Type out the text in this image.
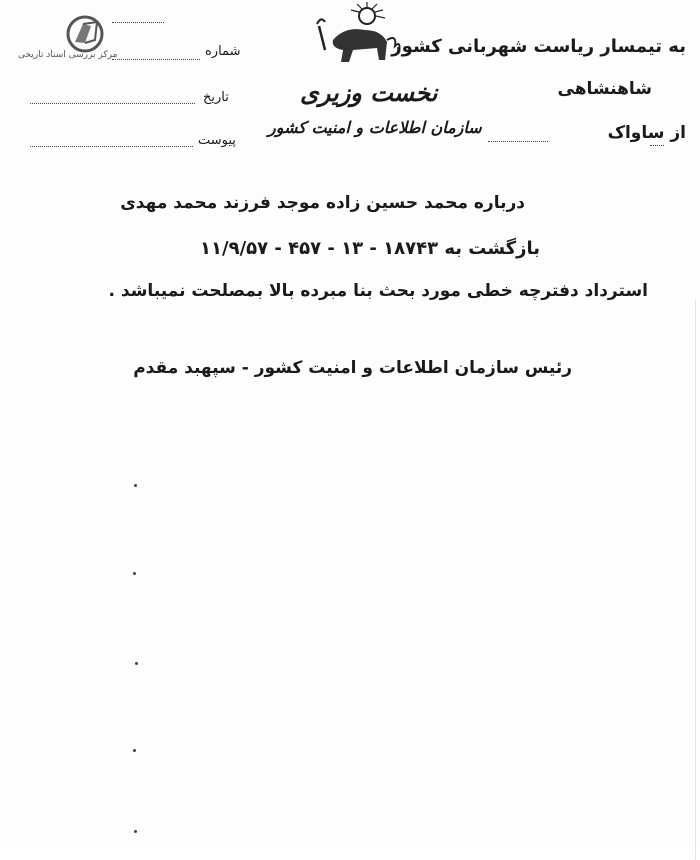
مرکز بررسی اسناد تاریخی	شماره
تاریخ
پیوست
نخست وزیری
سازمان اطلاعات و امنیت کشور
به تیمسار ریاست شهربانی کشور
شاهنشاهی
از ساواک
درباره محمد حسین زاده موجد فرزند محمد مهدی
بازگشت به ۱۸۷۴۳ - ۱۳ - ۴۵۷ - ۱۱/۹/۵۷
استرداد دفترچه خطی مورد بحث بنا مبرده بالا بمصلحت نمیباشد .
رئیس سازمان اطلاعات و امنیت کشور - سپهبد مقدم
